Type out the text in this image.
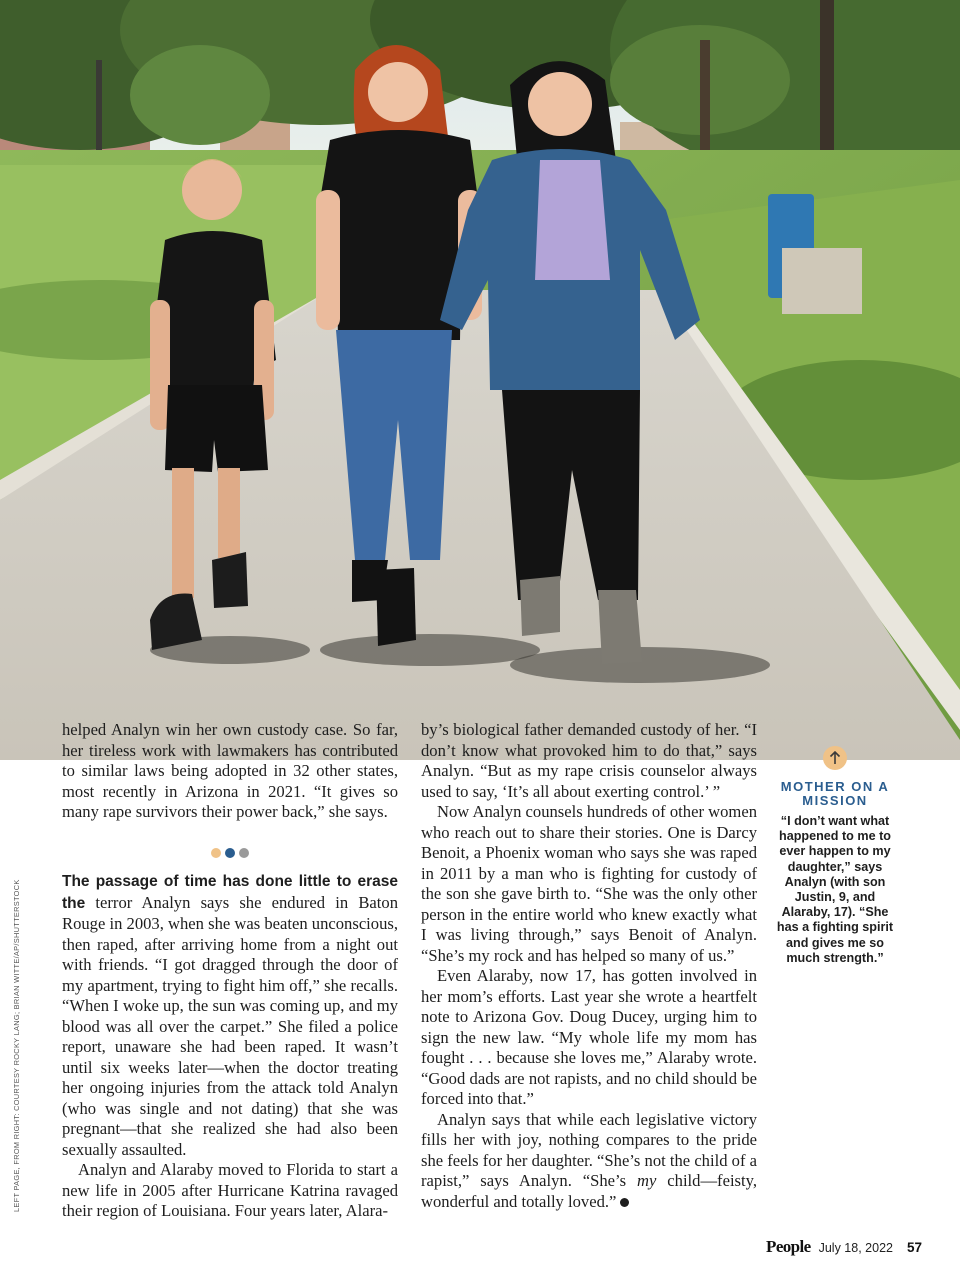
helped Analyn win her own custody case. So far, her tireless work with lawmakers has contributed to similar laws being adopted in 32 other states, most recently in Arizona in 2021. “It gives so many rape survivors their power back,” she says.

The passage of time has done little to erase the terror Analyn says she endured in Baton Rouge in 2003, when she was beaten unconscious, then raped, after arriving home from a night out with friends. “I got dragged through the door of my apartment, trying to fight him off,” she recalls. “When I woke up, the sun was coming up, and my blood was all over the carpet.” She filed a police report, unaware she had been raped. It wasn’t until six weeks later—when the doctor treating her ongoing injuries from the attack told Analyn (who was single and not dating) that she was pregnant—that she realized she had also been sexually assaulted.

Analyn and Alaraby moved to Florida to start a new life in 2005 after Hurricane Katrina ravaged their region of Louisiana. Four years later, Alara-

by’s biological father demanded custody of her. “I don’t know what provoked him to do that,” says Analyn. “But as my rape crisis counselor always used to say, ‘It’s all about exerting control.’ ”

Now Analyn counsels hundreds of other women who reach out to share their stories. One is Darcy Benoit, a Phoenix woman who says she was raped in 2011 by a man who is fighting for custody of the son she gave birth to. “She was the only other person in the entire world who knew exactly what I was living through,” says Benoit of Analyn. “She’s my rock and has helped so many of us.”

Even Alaraby, now 17, has gotten involved in her mom’s efforts. Last year she wrote a heartfelt note to Arizona Gov. Doug Ducey, urging him to sign the new law. “My whole life my mom has fought . . . because she loves me,” Alaraby wrote. “Good dads are not rapists, and no child should be forced into that.”

Analyn says that while each legislative victory fills her with joy, nothing compares to the pride she feels for her daughter. “She’s not the child of a rapist,” says Analyn. “She’s my child—feisty, wonderful and totally loved.”

MOTHER ON A MISSION
“I don’t want what happened to me to ever happen to my daughter,” says Analyn (with son Justin, 9, and Alaraby, 17). “She has a fighting spirit and gives me so much strength.”
LEFT PAGE, FROM RIGHT: COURTESY ROCKY LANG; BRIAN WITTE/AP/SHUTTERSTOCK
People July 18, 2022 57
